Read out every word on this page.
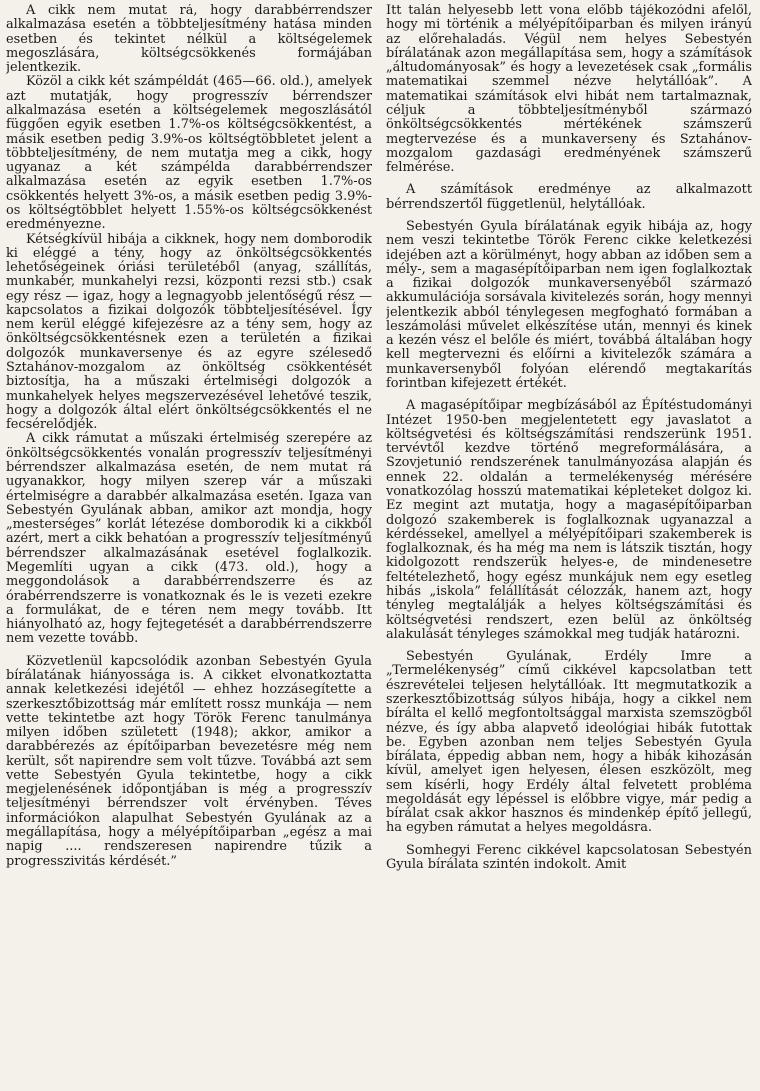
A cikk nem mutat rá, hogy darabbérrendszer alkalmazása esetén a többteljesítmény hatása minden esetben és tekintet nélkül a költségelemek megoszlására, költségcsökkenés formájában jelentkezik.

Közöl a cikk két számpéldát (465—66. old.), amelyek azt mutatják, hogy progresszív bérrendszer alkalmazása esetén a költségelemek megoszlásától függően egyik esetben 1.7%-os költségcsökkentést, a másik esetben pedig 3.9%-os költségtöbbletet jelent a többteljesítmény, de nem mutatja meg a cikk, hogy ugyanaz a két számpélda darabbérrendszer alkalmazása esetén az egyik esetben 1.7%-os csökkentés helyett 3%-os, a másik esetben pedig 3.9%-os költségtöbblet helyett 1.55%-os költségcsökkenést eredményezne.

Kétségkívül hibája a cikknek, hogy nem domborodik ki eléggé a tény, hogy az önköltségcsökkentés lehetőségeinek óriási területéből (anyag, szállítás, munkabér, munkahelyi rezsi, központi rezsi stb.) csak egy rész — igaz, hogy a legnagyobb jelentőségű rész — kapcsolatos a fizikai dolgozók többteljesítésével. Így nem kerül eléggé kifejezésre az a tény sem, hogy az önköltségcsökkentésnek ezen a területén a fizikai dolgozók munkaversenye és az egyre szélesedő Sztahánov-mozgalom az önköltség csökkentését biztosítja, ha a műszaki értelmiségi dolgozók a munkahelyek helyes megszervezésével lehetővé teszik, hogy a dolgozók által elért önköltségcsökkentés el ne fecsérelődjék.

A cikk rámutat a műszaki értelmiség szerepére az önköltségcsökkentés vonalán progresszív teljesítményi bérrendszer alkalmazása esetén, de nem mutat rá ugyanakkor, hogy milyen szerep vár a műszaki értelmiségre a darabbér alkalmazása esetén. Igaza van Sebestyén Gyulának abban, amikor azt mondja, hogy „mesterséges” korlát létezése domborodik ki a cikkből azért, mert a cikk behatóan a progresszív teljesítményű bérrendszer alkalmazásának esetével foglalkozik. Megemlíti ugyan a cikk (473. old.), hogy a meggondolások a darabbérrendszerre és az órabérrendszerre is vonatkoznak és le is vezeti ezekre a formulákat, de e téren nem megy tovább. Itt hiányolható az, hogy fejtegetését a darabbérrendszerre nem vezette tovább.

Közvetlenül kapcsolódik azonban Sebestyén Gyula bírálatának hiányossága is. A cikket elvonatkoztatta annak keletkezési idejétől — ehhez hozzásegítette a szerkesztőbizottság már említett rossz munkája — nem vette tekintetbe azt hogy Török Ferenc tanulmánya milyen időben született (1948); akkor, amikor a darabbérezés az építőiparban bevezetésre még nem került, sőt napirendre sem volt tűzve. Továbbá azt sem vette Sebestyén Gyula tekintetbe, hogy a cikk megjelenésének időpontjában is még a progresszív teljesítményi bérrendszer volt érvényben. Téves információkon alapulhat Sebestyén Gyulának az a megállapítása, hogy a mélyépítőiparban „egész a mai napig .... rendszeresen napirendre tűzik a progresszivitás kérdését.”

Itt talán helyesebb lett vona előbb tájékozódni afelől, hogy mi történik a mélyépítőiparban és milyen irányú az előrehaladás. Végül nem helyes Sebestyén bírálatának azon megállapítása sem, hogy a számítások „áltudományosak” és hogy a levezetések csak „formális matematikai szemmel nézve helytállóak”. A matematikai számítások elvi hibát nem tartalmaznak, céljuk a többteljesítményből származó önköltségcsökkentés mértékének számszerű megtervezése és a munkaverseny és Sztahánov-mozgalom gazdasági eredményének számszerű felmérése.

A számítások eredménye az alkalmazott bérrendszertől függetlenül, helytállóak.

Sebestyén Gyula bírálatának egyik hibája az, hogy nem veszi tekintetbe Török Ferenc cikke keletkezési idejében azt a körülményt, hogy abban az időben sem a mély-, sem a magasépítőiparban nem igen foglalkoztak a fizikai dolgozók munkaversenyéből származó akkumulációja sorsávala kivitelezés során, hogy mennyi jelentkezik abból ténylegesen megfogható formában a leszámolási művelet elkészítése után, mennyi és kinek a kezén vész el belőle és miért, továbbá általában hogy kell megtervezni és előírni a kivitelezők számára a munkaversenyből folyóan elérendő megtakarítás forintban kifejezett értékét.

A magasépítőipar megbízásából az Építéstudományi Intézet 1950-ben megjelentetett egy javaslatot a költségvetési és költségszámítási rendszerünk 1951. tervévtől kezdve történő megreformálására, a Szovjetunió rendszerének tanulmányozása alapján és ennek 22. oldalán a termelékenység mérésére vonatkozólag hosszú matematikai képleteket dolgoz ki. Ez megint azt mutatja, hogy a magasépítőiparban dolgozó szakemberek is foglalkoznak ugyanazzal a kérdéssekel, amellyel a mélyépítőipari szakemberek is foglalkoznak, és ha még ma nem is látszik tisztán, hogy kidolgozott rendszerük helyes-e, de mindenesetre feltételezhető, hogy egész munkájuk nem egy esetleg hibás „iskola” felállítását célozzák, hanem azt, hogy tényleg megtalálják a helyes költségszámítási és költségvetési rendszert, ezen belül az önköltség alakulását tényleges számokkal meg tudják határozni.

Sebestyén Gyulának, Erdély Imre a „Termelékenység” című cikkével kapcsolatban tett észrevételei teljesen helytállóak. Itt megmutatkozik a szerkesztőbizottság súlyos hibája, hogy a cikkel nem bírálta el kellő megfontoltsággal marxista szemszögből nézve, és így abba alapvető ideológiai hibák futottak be. Egyben azonban nem teljes Sebestyén Gyula bírálata, éppedig abban nem, hogy a hibák kihozásán kívül, amelyet igen helyesen, élesen eszközölt, meg sem kísérli, hogy Erdély által felvetett probléma megoldását egy lépéssel is előbbre vigye, már pedig a bírálat csak akkor hasznos és mindenkép építő jellegű, ha egyben rámutat a helyes megoldásra.

Somhegyi Ferenc cikkével kapcsolatosan Sebestyén Gyula bírálata szintén indokolt. Amit
